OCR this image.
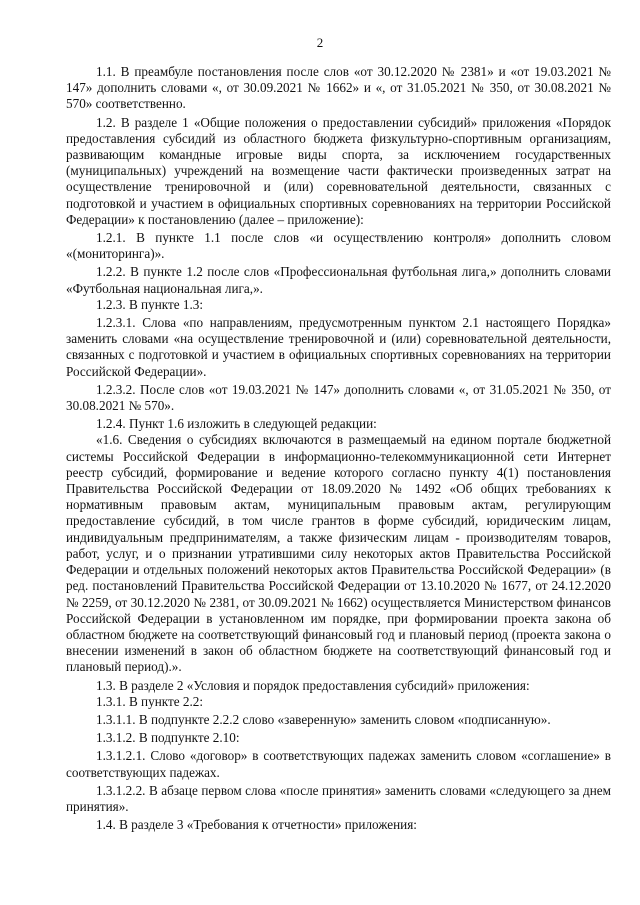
2

1.1. В преамбуле постановления после слов «от 30.12.2020 № 2381» и «от 19.03.2021 № 147» дополнить словами «, от 30.09.2021 № 1662» и «, от 31.05.2021 № 350, от 30.08.2021 № 570» соответственно.

1.2. В разделе 1 «Общие положения о предоставлении субсидий» приложения «Порядок предоставления субсидий из областного бюджета физкультурно-спортивным организациям, развивающим командные игровые виды спорта, за исключением государственных (муниципальных) учреждений на возмещение части фактически произведенных затрат на осуществление тренировочной и (или) соревновательной деятельности, связанных с подготовкой и участием в официальных спортивных соревнованиях на территории Российской Федерации» к постановлению (далее – приложение):

1.2.1. В пункте 1.1 после слов «и осуществлению контроля» дополнить словом «(мониторинга)».

1.2.2. В пункте 1.2 после слов «Профессиональная футбольная лига,» дополнить словами «Футбольная национальная лига,».

1.2.3. В пункте 1.3:

1.2.3.1. Слова «по направлениям, предусмотренным пунктом 2.1 настоящего Порядка» заменить словами «на осуществление тренировочной и (или) соревновательной деятельности, связанных с подготовкой и участием в официальных спортивных соревнованиях на территории Российской Федерации».

1.2.3.2. После слов «от 19.03.2021 № 147» дополнить словами «, от 31.05.2021 № 350, от 30.08.2021 № 570».

1.2.4. Пункт 1.6 изложить в следующей редакции:

«1.6. Сведения о субсидиях включаются в размещаемый на едином портале бюджетной системы Российской Федерации в информационно-телекоммуникационной сети Интернет реестр субсидий, формирование и ведение которого согласно пункту 4(1) постановления Правительства Российской Федерации от 18.09.2020 № 1492 «Об общих требованиях к нормативным правовым актам, муниципальным правовым актам, регулирующим предоставление субсидий, в том числе грантов в форме субсидий, юридическим лицам, индивидуальным предпринимателям, а также физическим лицам - производителям товаров, работ, услуг, и о признании утратившими силу некоторых актов Правительства Российской Федерации и отдельных положений некоторых актов Правительства Российской Федерации» (в ред. постановлений Правительства Российской Федерации от 13.10.2020 № 1677, от 24.12.2020 № 2259, от 30.12.2020 № 2381, от 30.09.2021 № 1662) осуществляется Министерством финансов Российской Федерации в установленном им порядке, при формировании проекта закона об областном бюджете на соответствующий финансовый год и плановый период (проекта закона о внесении изменений в закон об областном бюджете на соответствующий финансовый год и плановый период).».

1.3. В разделе 2 «Условия и порядок предоставления субсидий» приложения:

1.3.1. В пункте 2.2:

1.3.1.1. В подпункте 2.2.2 слово «заверенную» заменить словом «подписанную».

1.3.1.2. В подпункте 2.10:

1.3.1.2.1. Слово «договор» в соответствующих падежах заменить словом «соглашение» в соответствующих падежах.

1.3.1.2.2. В абзаце первом слова «после принятия» заменить словами «следующего за днем принятия».

1.4. В разделе 3 «Требования к отчетности» приложения:
